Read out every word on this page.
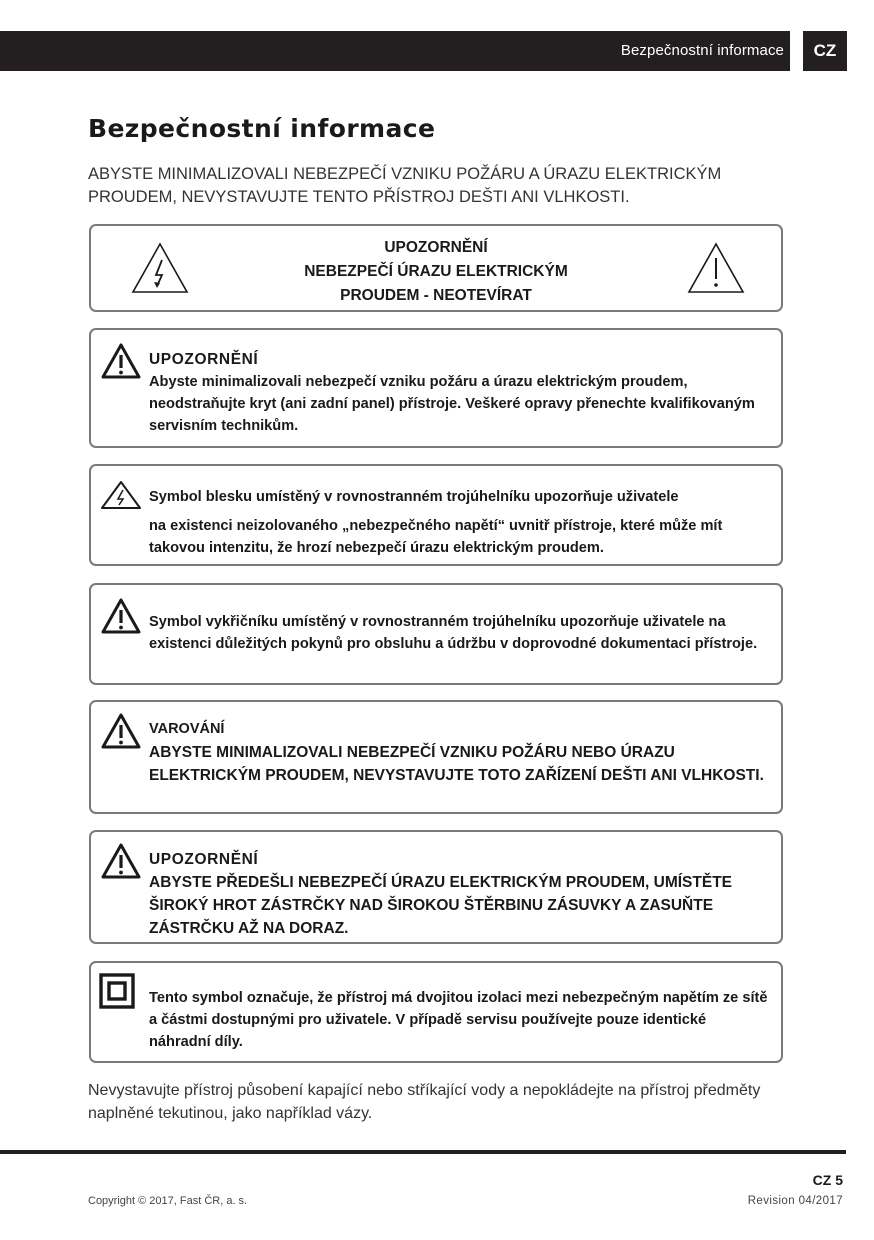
Bezpečnostní informace	CZ
Bezpečnostní informace

ABYSTE MINIMALIZOVALI NEBEZPEČÍ VZNIKU POŽÁRU A ÚRAZU ELEKTRICKÝM PROUDEM, NEVYSTAVUJTE TENTO PŘÍSTROJ DEŠTI ANI VLHKOSTI.

UPOZORNĚNÍ
NEBEZPEČÍ ÚRAZU ELEKTRICKÝM
PROUDEM - NEOTEVÍRAT
UPOZORNĚNÍ
Abyste minimalizovali nebezpečí vzniku požáru a úrazu elektrickým proudem, neodstraňujte kryt (ani zadní panel) přístroje. Veškeré opravy přenechte kvalifikovaným servisním technikům.
Symbol blesku umístěný v rovnostranném trojúhelníku upozorňuje uživatele
na existenci neizolovaného „nebezpečného napětí“ uvnitř přístroje, které může mít takovou intenzitu, že hrozí nebezpečí úrazu elektrickým proudem.
Symbol vykřičníku umístěný v rovnostranném trojúhelníku upozorňuje uživatele na existenci důležitých pokynů pro obsluhu a údržbu v doprovodné dokumentaci přístroje.
VAROVÁNÍ
ABYSTE MINIMALIZOVALI NEBEZPEČÍ VZNIKU POŽÁRU NEBO ÚRAZU ELEKTRICKÝM PROUDEM, NEVYSTAVUJTE TOTO ZAŘÍZENÍ DEŠTI ANI VLHKOSTI.
UPOZORNĚNÍ
ABYSTE PŘEDEŠLI NEBEZPEČÍ ÚRAZU ELEKTRICKÝM PROUDEM, UMÍSTĚTE ŠIROKÝ HROT ZÁSTRČKY NAD ŠIROKOU ŠTĚRBINU ZÁSUVKY A ZASUŇTE ZÁSTRČKU AŽ NA DORAZ.
Tento symbol označuje, že přístroj má dvojitou izolaci mezi nebezpečným napětím ze sítě a částmi dostupnými pro uživatele. V případě servisu používejte pouze identické náhradní díly.

Nevystavujte přístroj působení kapající nebo stříkající vody a nepokládejte na přístroj předměty naplněné tekutinou, jako například vázy.

CZ 5
Copyright © 2017, Fast ČR, a. s.	Revision 04/2017
